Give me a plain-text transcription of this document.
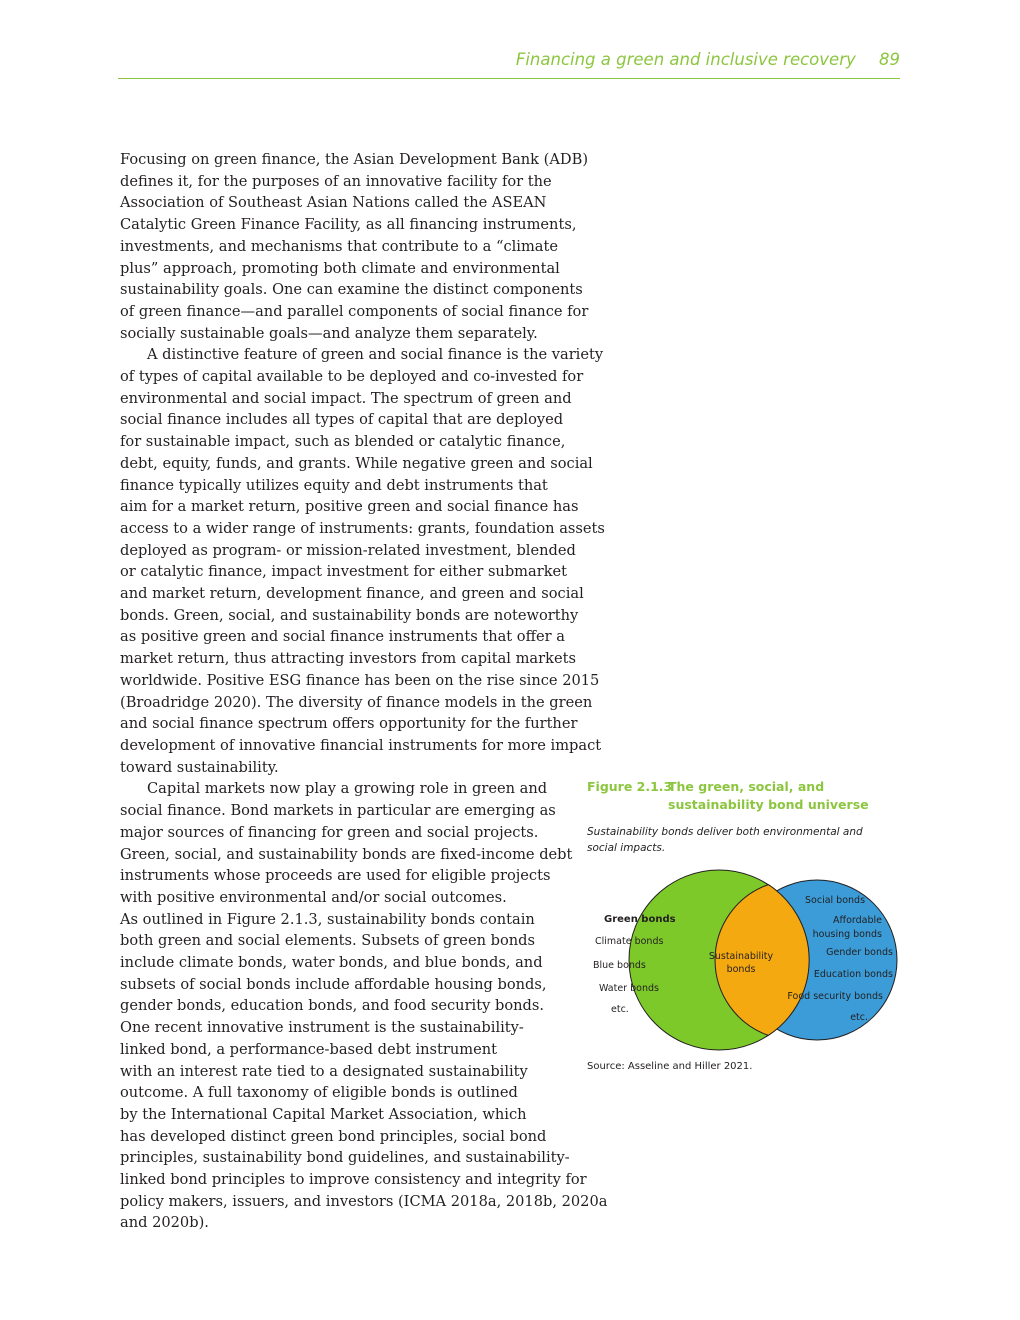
Financing a green and inclusive recovery 89
Focusing on green finance, the Asian Development Bank (ADB)
defines it, for the purposes of an innovative facility for the
Association of Southeast Asian Nations called the ASEAN
Catalytic Green Finance Facility, as all financing instruments,
investments, and mechanisms that contribute to a “climate
plus” approach, promoting both climate and environmental
sustainability goals. One can examine the distinct components
of green finance—and parallel components of social finance for
socially sustainable goals—and analyze them separately.
A distinctive feature of green and social finance is the variety
of types of capital available to be deployed and co-invested for
environmental and social impact. The spectrum of green and
social finance includes all types of capital that are deployed
for sustainable impact, such as blended or catalytic finance,
debt, equity, funds, and grants. While negative green and social
finance typically utilizes equity and debt instruments that
aim for a market return, positive green and social finance has
access to a wider range of instruments: grants, foundation assets
deployed as program- or mission-related investment, blended
or catalytic finance, impact investment for either submarket
and market return, development finance, and green and social
bonds. Green, social, and sustainability bonds are noteworthy
as positive green and social finance instruments that offer a
market return, thus attracting investors from capital markets
worldwide. Positive ESG finance has been on the rise since 2015
(Broadridge 2020). The diversity of finance models in the green
and social finance spectrum offers opportunity for the further
development of innovative financial instruments for more impact
toward sustainability.
Capital markets now play a growing role in green and
social finance. Bond markets in particular are emerging as
major sources of financing for green and social projects.
Green, social, and sustainability bonds are fixed-income debt
instruments whose proceeds are used for eligible projects
with positive environmental and/or social outcomes.
As outlined in Figure 2.1.3, sustainability bonds contain
both green and social elements. Subsets of green bonds
include climate bonds, water bonds, and blue bonds, and
subsets of social bonds include affordable housing bonds,
gender bonds, education bonds, and food security bonds.
One recent innovative instrument is the sustainability-
linked bond, a performance-based debt instrument
with an interest rate tied to a designated sustainability
outcome. A full taxonomy of eligible bonds is outlined
by the International Capital Market Association, which
has developed distinct green bond principles, social bond
principles, sustainability bond guidelines, and sustainability-
linked bond principles to improve consistency and integrity for
policy makers, issuers, and investors (ICMA 2018a, 2018b, 2020a
and 2020b).
Figure 2.1.3
The green, social, and sustainability bond universe
Sustainability bonds deliver both environmental and social impacts.
Green bonds
Climate bonds
Blue bonds
Water bonds
etc.
Sustainability
bonds
Social bonds
Affordable
housing bonds
Gender bonds
Education bonds
Food security bonds
etc.
Source: Asseline and Hiller 2021.
